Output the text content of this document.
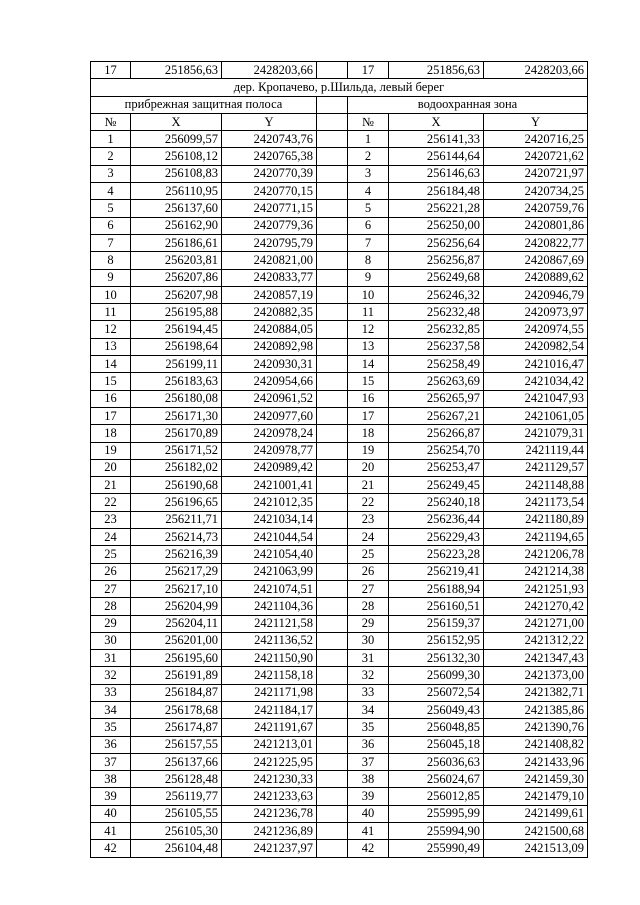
17	251856,63	2428203,66		17	251856,63	2428203,66
дер. Кропачево, р.Шильда, левый берег						
прибрежная защитная полоса				водоохранная зона		
№	X	Y		№	X	Y
1	256099,57	2420743,76		1	256141,33	2420716,25
2	256108,12	2420765,38		2	256144,64	2420721,62
3	256108,83	2420770,39		3	256146,63	2420721,97
4	256110,95	2420770,15		4	256184,48	2420734,25
5	256137,60	2420771,15		5	256221,28	2420759,76
6	256162,90	2420779,36		6	256250,00	2420801,86
7	256186,61	2420795,79		7	256256,64	2420822,77
8	256203,81	2420821,00		8	256256,87	2420867,69
9	256207,86	2420833,77		9	256249,68	2420889,62
10	256207,98	2420857,19		10	256246,32	2420946,79
11	256195,88	2420882,35		11	256232,48	2420973,97
12	256194,45	2420884,05		12	256232,85	2420974,55
13	256198,64	2420892,98		13	256237,58	2420982,54
14	256199,11	2420930,31		14	256258,49	2421016,47
15	256183,63	2420954,66		15	256263,69	2421034,42
16	256180,08	2420961,52		16	256265,97	2421047,93
17	256171,30	2420977,60		17	256267,21	2421061,05
18	256170,89	2420978,24		18	256266,87	2421079,31
19	256171,52	2420978,77		19	256254,70	2421119,44
20	256182,02	2420989,42		20	256253,47	2421129,57
21	256190,68	2421001,41		21	256249,45	2421148,88
22	256196,65	2421012,35		22	256240,18	2421173,54
23	256211,71	2421034,14		23	256236,44	2421180,89
24	256214,73	2421044,54		24	256229,43	2421194,65
25	256216,39	2421054,40		25	256223,28	2421206,78
26	256217,29	2421063,99		26	256219,41	2421214,38
27	256217,10	2421074,51		27	256188,94	2421251,93
28	256204,99	2421104,36		28	256160,51	2421270,42
29	256204,11	2421121,58		29	256159,37	2421271,00
30	256201,00	2421136,52		30	256152,95	2421312,22
31	256195,60	2421150,90		31	256132,30	2421347,43
32	256191,89	2421158,18		32	256099,30	2421373,00
33	256184,87	2421171,98		33	256072,54	2421382,71
34	256178,68	2421184,17		34	256049,43	2421385,86
35	256174,87	2421191,67		35	256048,85	2421390,76
36	256157,55	2421213,01		36	256045,18	2421408,82
37	256137,66	2421225,95		37	256036,63	2421433,96
38	256128,48	2421230,33		38	256024,67	2421459,30
39	256119,77	2421233,63		39	256012,85	2421479,10
40	256105,55	2421236,78		40	255995,99	2421499,61
41	256105,30	2421236,89		41	255994,90	2421500,68
42	256104,48	2421237,97		42	255990,49	2421513,09
